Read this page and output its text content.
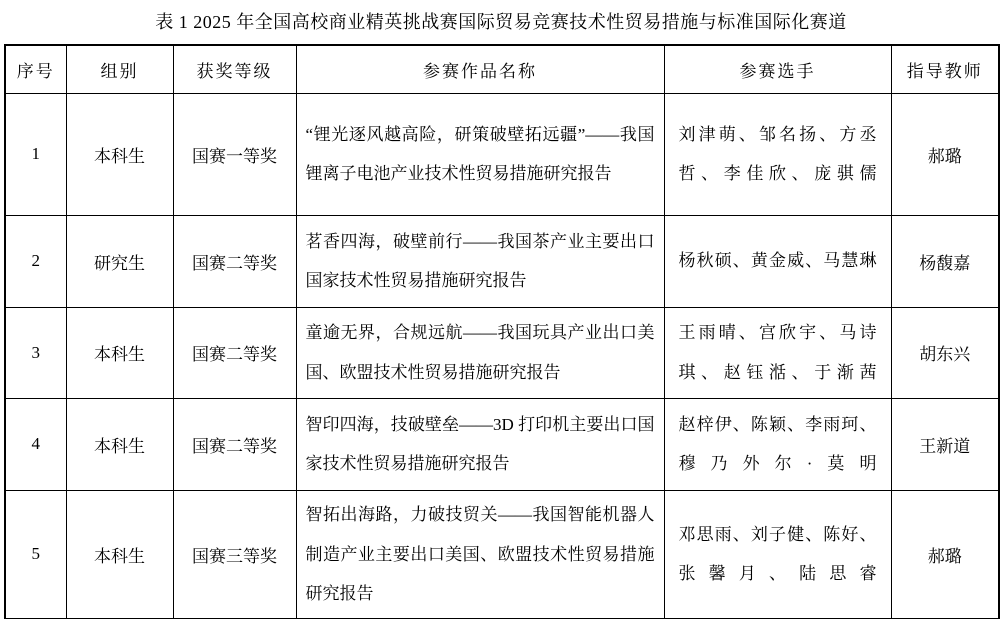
表 1 2025 年全国高校商业精英挑战赛国际贸易竞赛技术性贸易措施与标准国际化赛道
序号	组别	获奖等级	参赛作品名称	参赛选手	指导教师
1	本科生	国赛一等奖	“锂光逐风越高险，研策破壁拓远疆”——我国锂离子电池产业技术性贸易措施研究报告	刘津萌、邹名扬、方丞哲、李佳欣、庞骐儒	郝璐
2	研究生	国赛二等奖	茗香四海，破壁前行——我国茶产业主要出口国家技术性贸易措施研究报告	杨秋硕、黄金威、马慧琳	杨馥嘉
3	本科生	国赛二等奖	童逾无界，合规远航——我国玩具产业出口美国、欧盟技术性贸易措施研究报告	王雨晴、宫欣宇、马诗琪、赵钰湉、于渐茜	胡东兴
4	本科生	国赛二等奖	智印四海，技破壁垒——3D 打印机主要出口国家技术性贸易措施研究报告	赵梓伊、陈颖、李雨珂、穆乃外尔·莫明	王新道
5	本科生	国赛三等奖	智拓出海路，力破技贸关——我国智能机器人制造产业主要出口美国、欧盟技术性贸易措施研究报告	邓思雨、刘子健、陈好、张馨月、陆思睿	郝璐
